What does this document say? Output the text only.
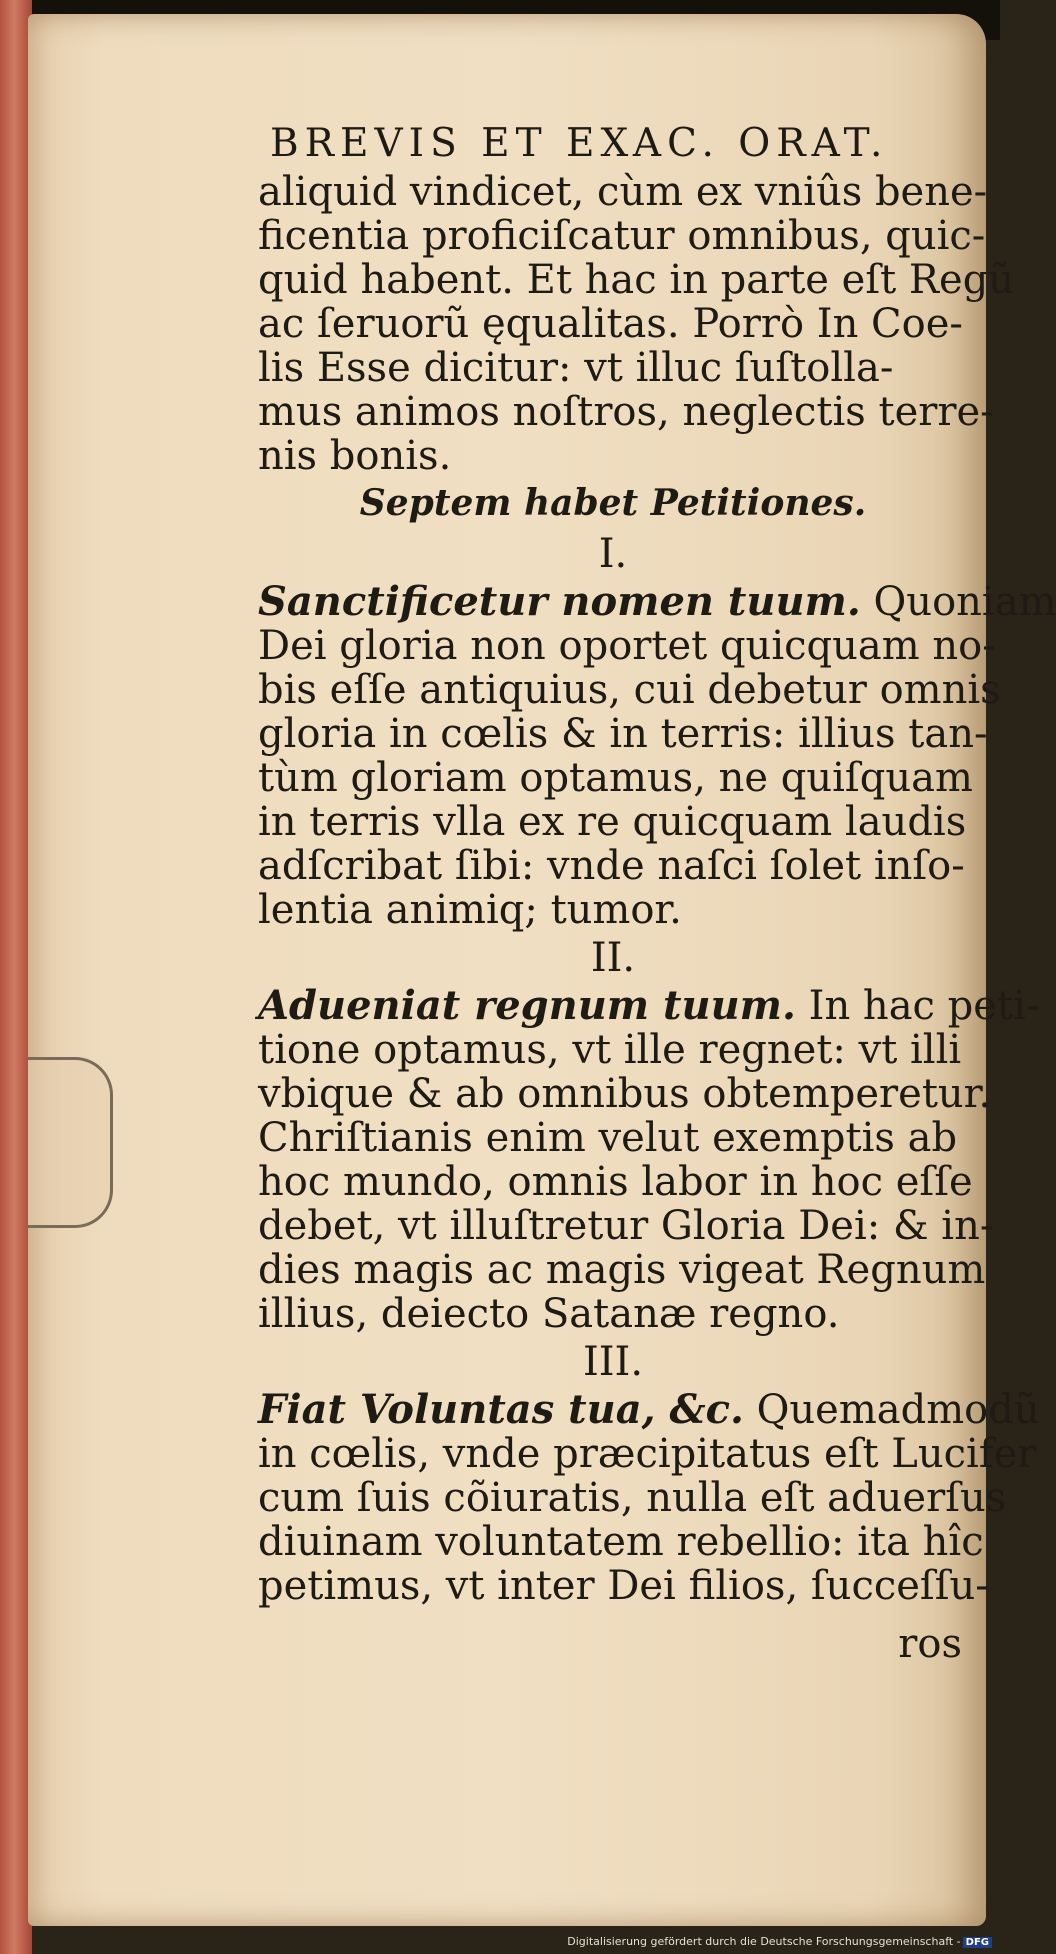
BREVIS ET EXAC. ORAT.
aliquid vindicet, cùm ex vniûs bene-
ficentia proficiſcatur omnibus, quic-
quid habent. Et hac in parte eſt Regũ
ac ſeruorũ ęqualitas. Porrò In Coe-
lis Esse dicitur: vt illuc ſuſtolla-
mus animos noſtros, neglectis terre-
nis bonis.
Septem habet Petitiones.
I.
Sanctificetur nomen tuum. Quoniam
Dei gloria non oportet quicquam no-
bis eſſe antiquius, cui debetur omnis
gloria in cœlis & in terris: illius tan-
tùm gloriam optamus, ne quiſquam
in terris vlla ex re quicquam laudis
adſcribat ſibi: vnde naſci ſolet inſo-
lentia animiq; tumor.
II.
Adueniat regnum tuum. In hac peti-
tione optamus, vt ille regnet: vt illi
vbique & ab omnibus obtemperetur.
Chriſtianis enim velut exemptis ab
hoc mundo, omnis labor in hoc eſſe
debet, vt illuſtretur Gloria Dei: & in-
dies magis ac magis vigeat Regnum
illius, deiecto Satanæ regno.
III.
Fiat Voluntas tua, &c. Quemadmodũ
in cœlis, vnde præcipitatus eſt Lucifer
cum ſuis cõiuratis, nulla eſt aduerſus
diuinam voluntatem rebellio: ita hîc
petimus, vt inter Dei filios, ſucceſſu-
ros
Digitalisierung gefördert durch die Deutsche Forschungsgemeinschaft - DFG
